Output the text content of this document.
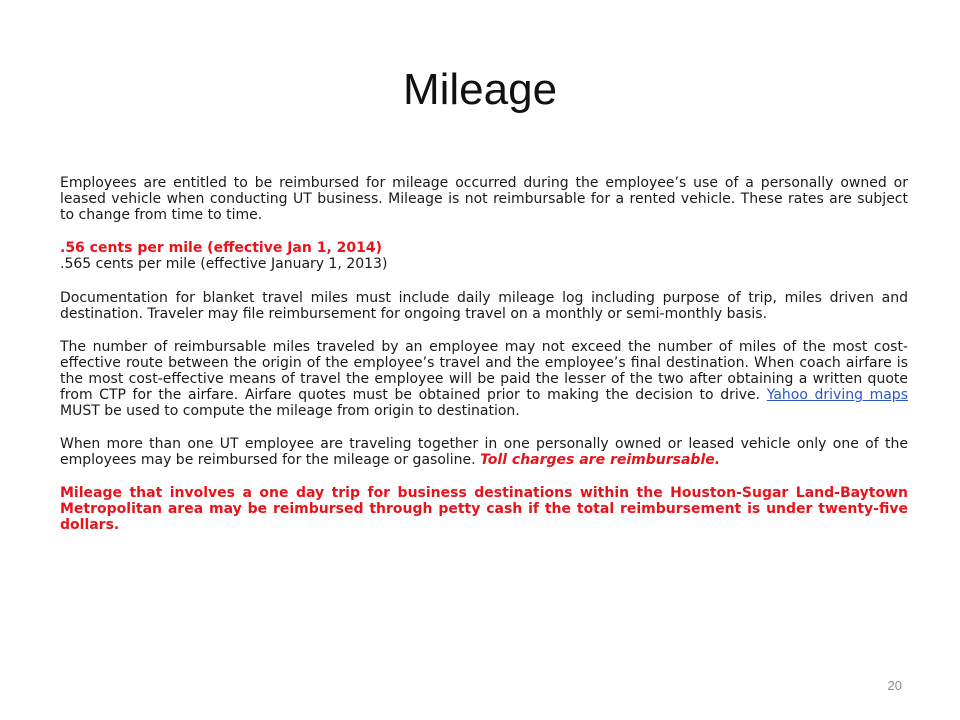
Mileage

Employees are entitled to be reimbursed for mileage occurred during the employee’s use of a personally owned or leased vehicle when conducting UT business. Mileage is not reimbursable for a rented vehicle. These rates are subject to change from time to time.

.56 cents per mile (effective Jan 1, 2014)
.565 cents per mile (effective January 1, 2013)

Documentation for blanket travel miles must include daily mileage log including purpose of trip, miles driven and destination. Traveler may file reimbursement for ongoing travel on a monthly or semi-monthly basis.

The number of reimbursable miles traveled by an employee may not exceed the number of miles of the most cost-effective route between the origin of the employee’s travel and the employee’s final destination. When coach airfare is the most cost-effective means of travel the employee will be paid the lesser of the two after obtaining a written quote from CTP for the airfare. Airfare quotes must be obtained prior to making the decision to drive. Yahoo driving maps MUST be used to compute the mileage from origin to destination.

When more than one UT employee are traveling together in one personally owned or leased vehicle only one of the employees may be reimbursed for the mileage or gasoline. Toll charges are reimbursable.

Mileage that involves a one day trip for business destinations within the Houston-Sugar Land-Baytown Metropolitan area may be reimbursed through petty cash if the total reimbursement is under twenty-five dollars.

20
